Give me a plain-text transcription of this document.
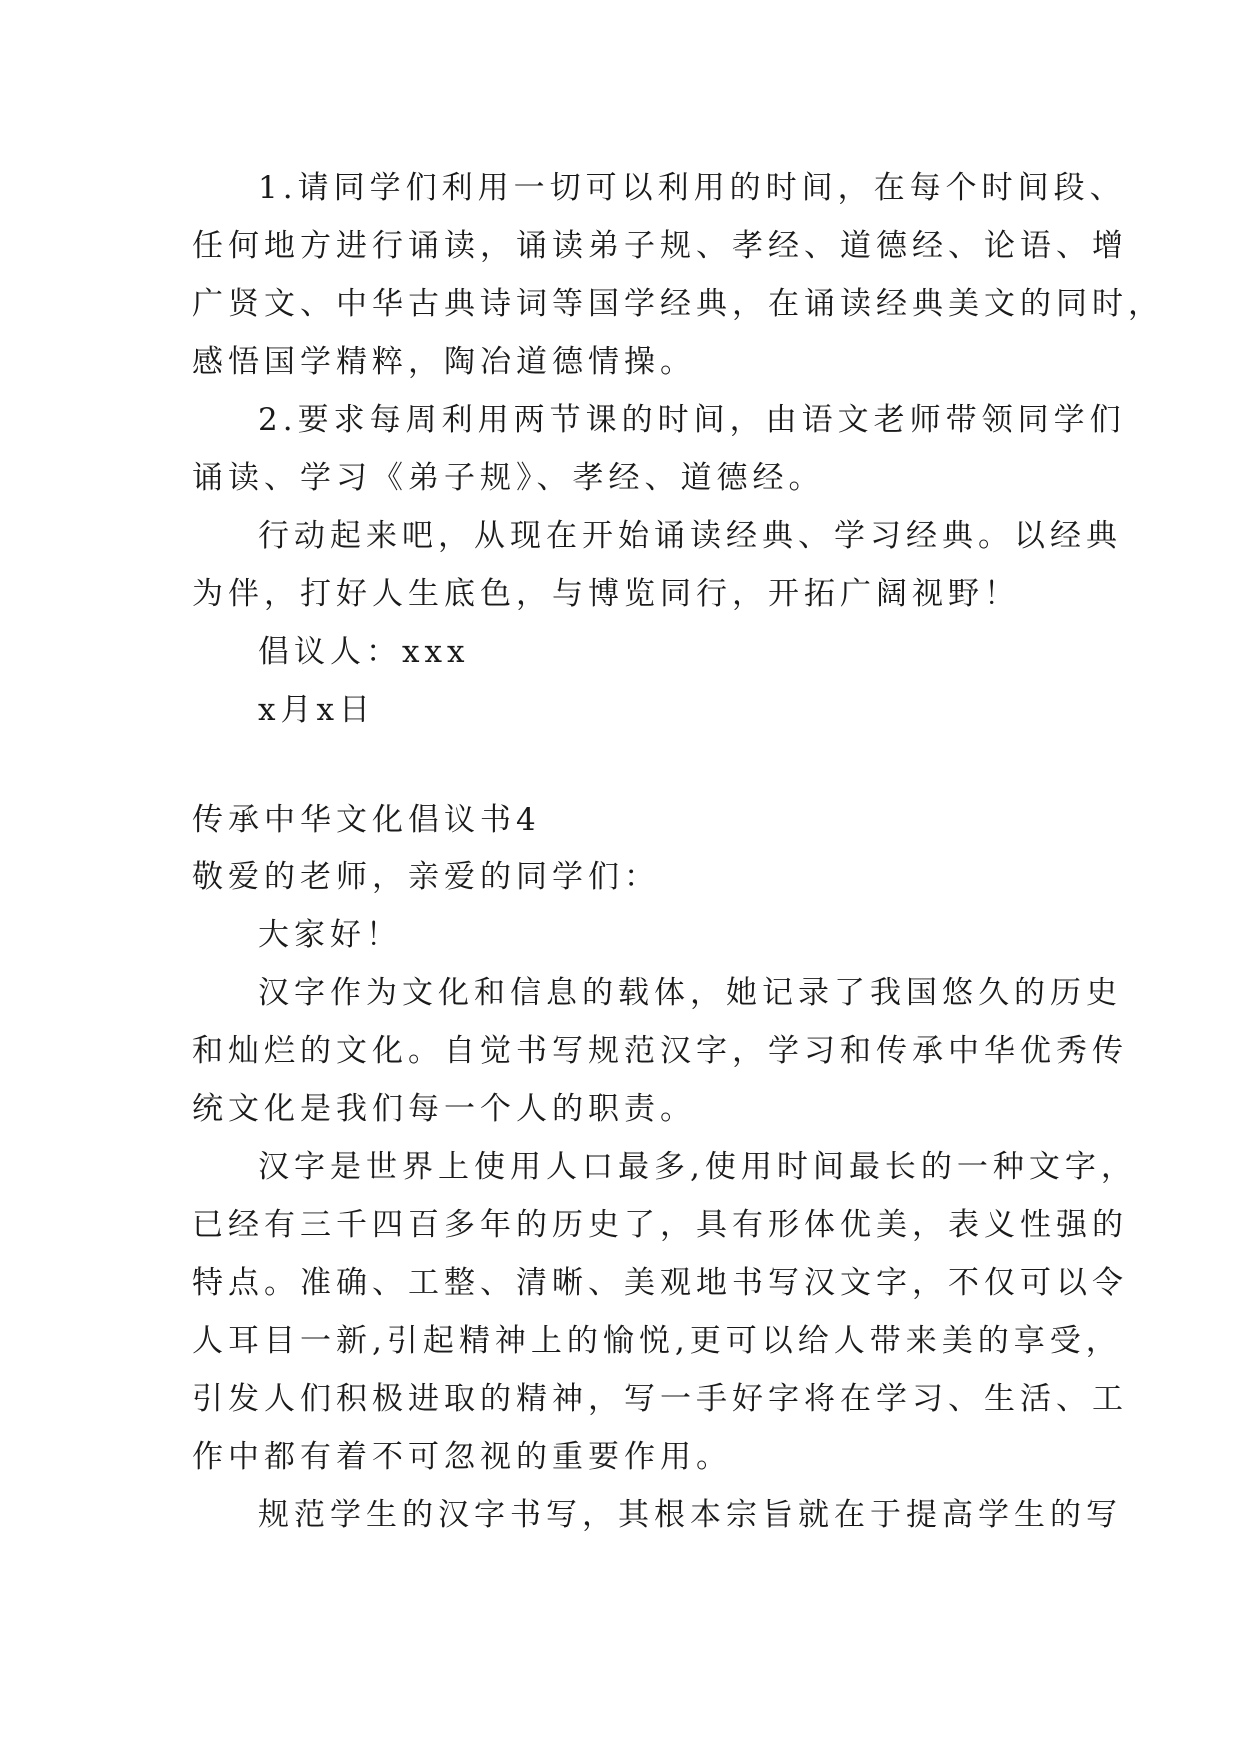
1.请同学们利用一切可以利用的时间，在每个时间段、
任何地方进行诵读，诵读弟子规、孝经、道德经、论语、增
广贤文、中华古典诗词等国学经典，在诵读经典美文的同时，
感悟国学精粹，陶冶道德情操。
2.要求每周利用两节课的时间，由语文老师带领同学们
诵读、学习《弟子规》、孝经、道德经。
行动起来吧，从现在开始诵读经典、学习经典。以经典
为伴，打好人生底色，与博览同行，开拓广阔视野！
倡议人：xxx
x月x日
传承中华文化倡议书4
敬爱的老师，亲爱的同学们：
大家好！
汉字作为文化和信息的载体，她记录了我国悠久的历史
和灿烂的文化。自觉书写规范汉字，学习和传承中华优秀传
统文化是我们每一个人的职责。
汉字是世界上使用人口最多,使用时间最长的一种文字，
已经有三千四百多年的历史了，具有形体优美，表义性强的
特点。准确、工整、清晰、美观地书写汉文字，不仅可以令
人耳目一新,引起精神上的愉悦,更可以给人带来美的享受，
引发人们积极进取的精神，写一手好字将在学习、生活、工
作中都有着不可忽视的重要作用。
规范学生的汉字书写，其根本宗旨就在于提高学生的写
